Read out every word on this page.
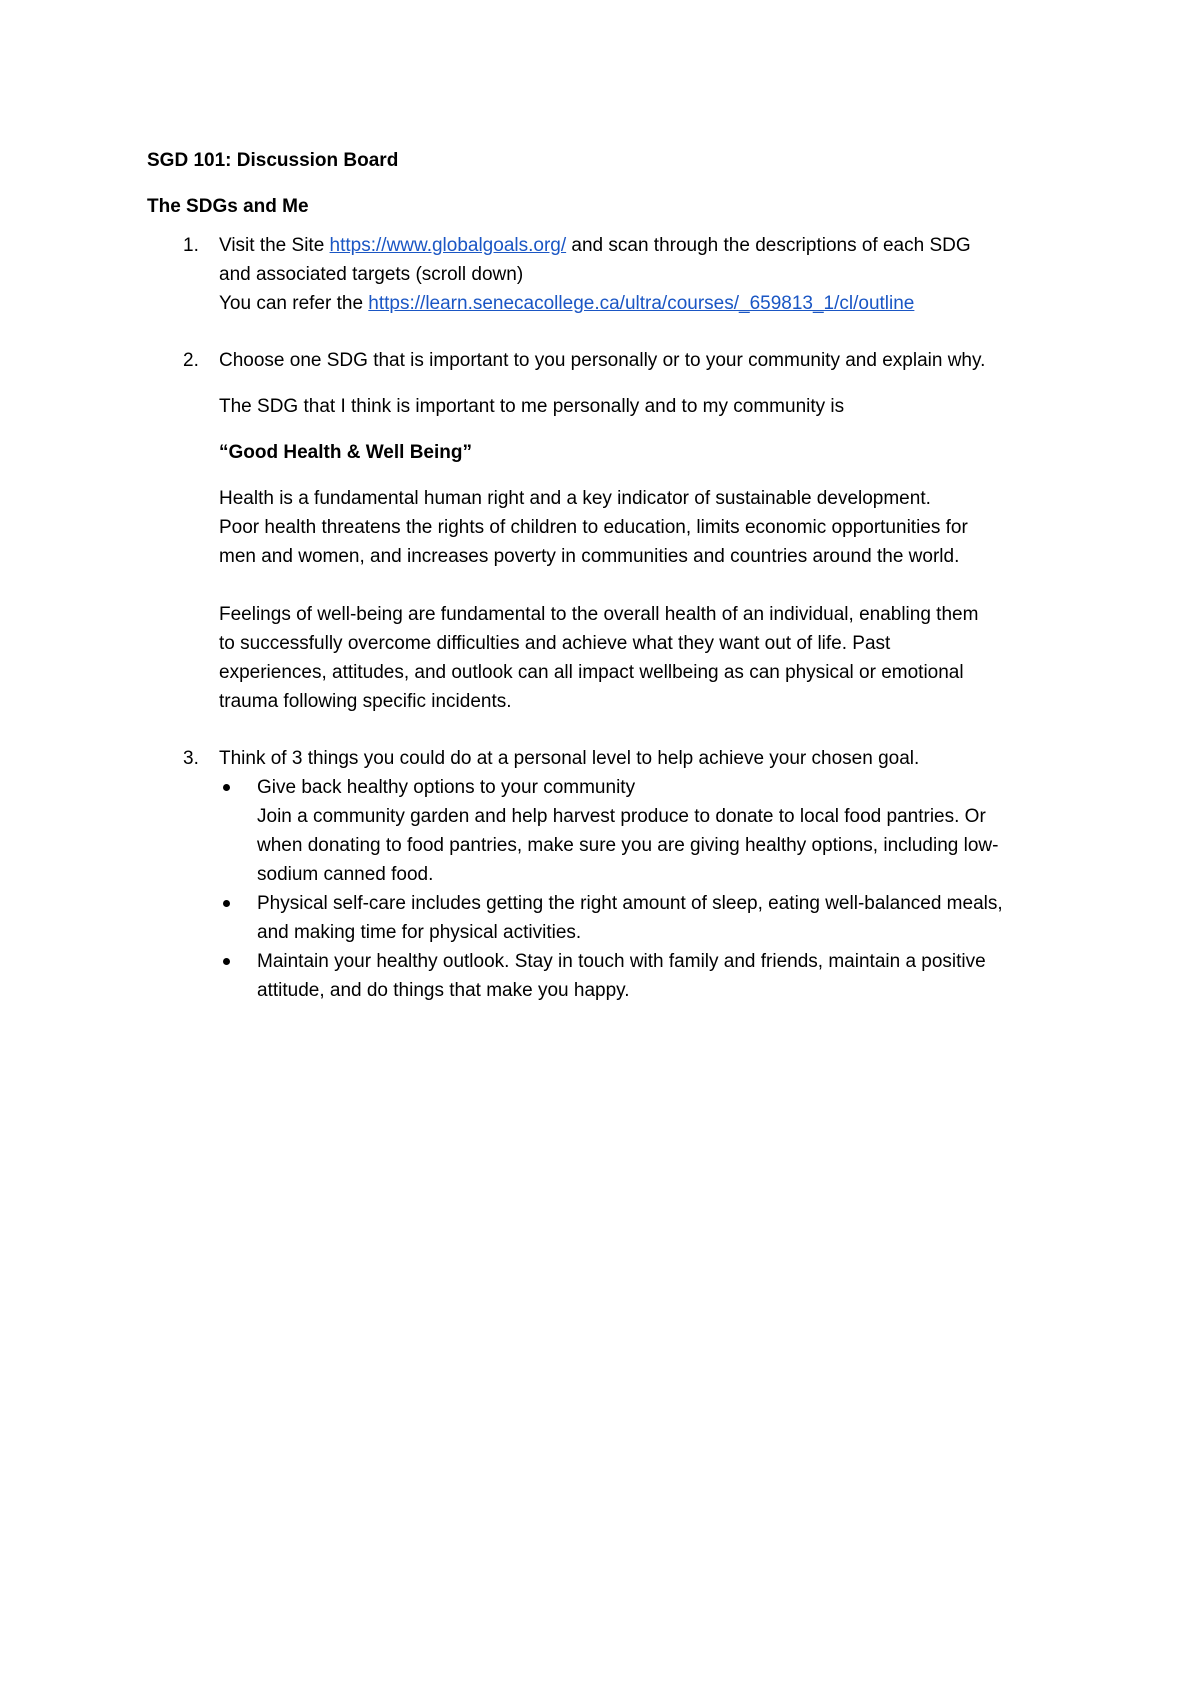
SGD 101: Discussion Board
The SDGs and Me
1. Visit the Site https://www.globalgoals.org/ and scan through the descriptions of each SDG
and associated targets (scroll down)
You can refer the https://learn.senecacollege.ca/ultra/courses/_659813_1/cl/outline
2. Choose one SDG that is important to you personally or to your community and explain why.
The SDG that I think is important to me personally and to my community is
“Good Health & Well Being”
Health is a fundamental human right and a key indicator of sustainable development.
Poor health threatens the rights of children to education, limits economic opportunities for
men and women, and increases poverty in communities and countries around the world.
Feelings of well-being are fundamental to the overall health of an individual, enabling them
to successfully overcome difficulties and achieve what they want out of life. Past
experiences, attitudes, and outlook can all impact wellbeing as can physical or emotional
trauma following specific incidents.
3. Think of 3 things you could do at a personal level to help achieve your chosen goal.
Give back healthy options to your community
Join a community garden and help harvest produce to donate to local food pantries. Or
when donating to food pantries, make sure you are giving healthy options, including low-
sodium canned food.
Physical self-care includes getting the right amount of sleep, eating well-balanced meals,
and making time for physical activities.
Maintain your healthy outlook. Stay in touch with family and friends, maintain a positive
attitude, and do things that make you happy.
